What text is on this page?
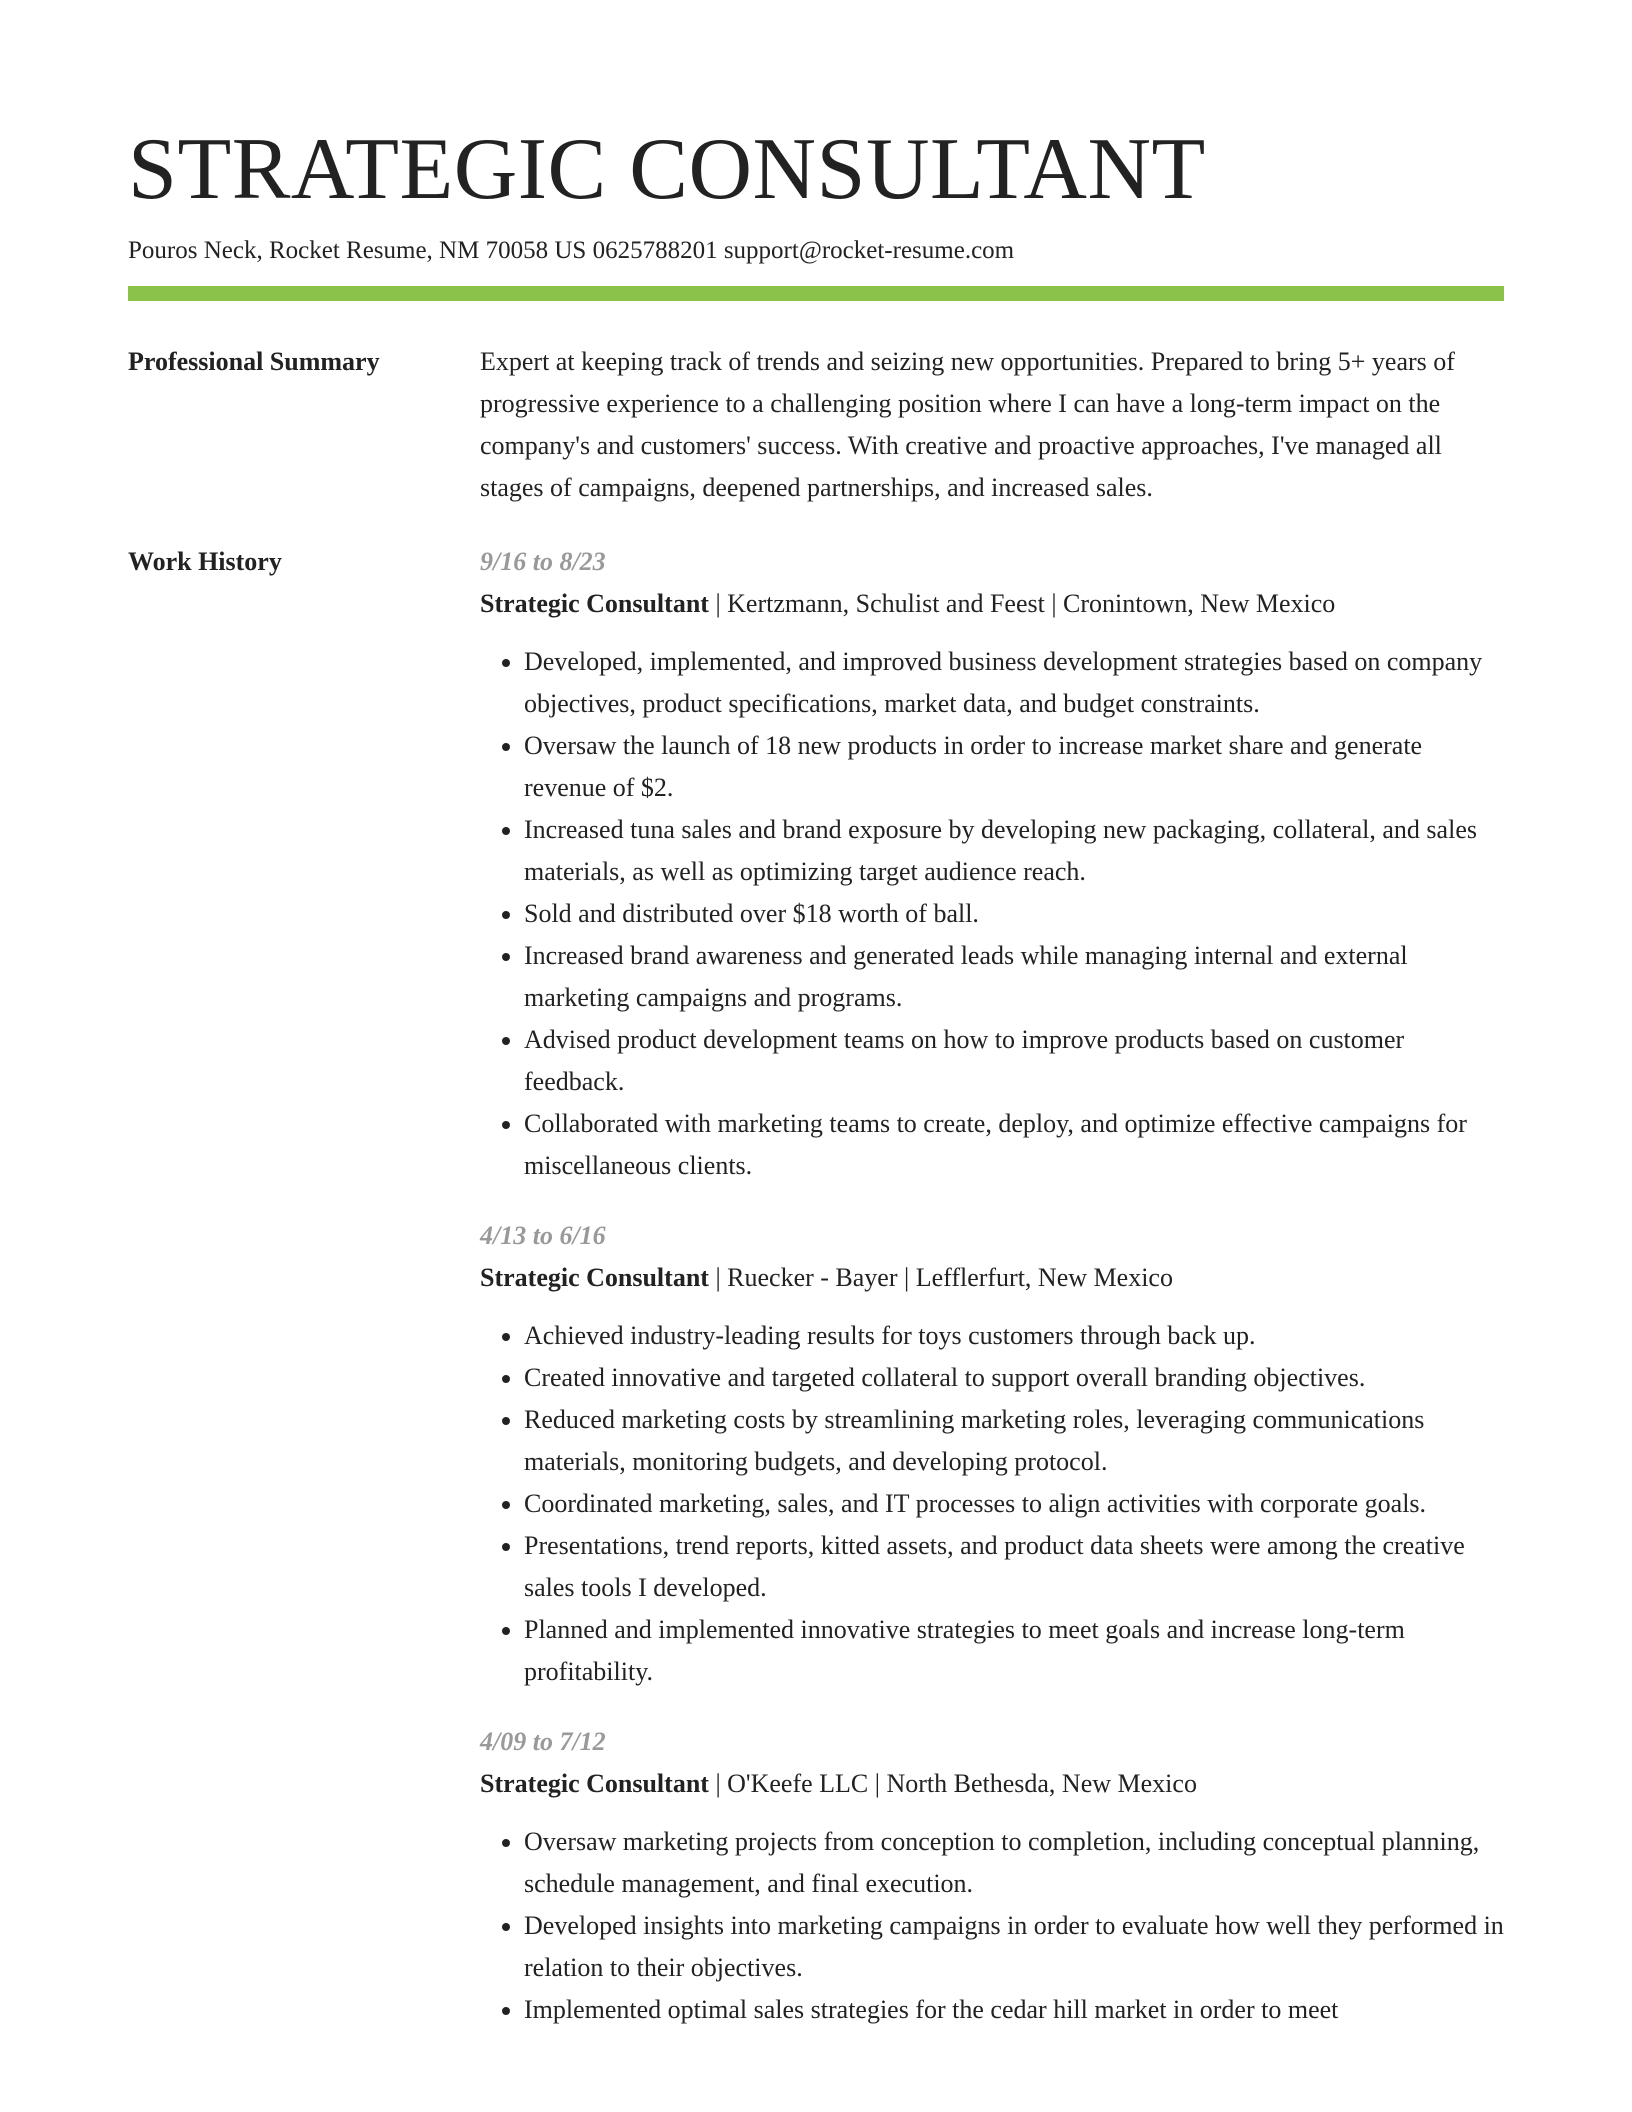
STRATEGIC CONSULTANT
Pouros Neck, Rocket Resume, NM 70058 US 0625788201 support@rocket-resume.com
Professional Summary	Expert at keeping track of trends and seizing new opportunities. Prepared to bring 5+ years of progressive experience to a challenging position where I can have a long-term impact on the company's and customers' success. With creative and proactive approaches, I've managed all stages of campaigns, deepened partnerships, and increased sales.

Work History	9/16 to 8/23
Strategic Consultant | Kertzmann, Schulist and Feest | Cronintown, New Mexico
• Developed, implemented, and improved business development strategies based on company objectives, product specifications, market data, and budget constraints.
• Oversaw the launch of 18 new products in order to increase market share and generate revenue of $2.
• Increased tuna sales and brand exposure by developing new packaging, collateral, and sales materials, as well as optimizing target audience reach.
• Sold and distributed over $18 worth of ball.
• Increased brand awareness and generated leads while managing internal and external marketing campaigns and programs.
• Advised product development teams on how to improve products based on customer feedback.
• Collaborated with marketing teams to create, deploy, and optimize effective campaigns for miscellaneous clients.
4/13 to 6/16
Strategic Consultant | Ruecker - Bayer | Lefflerfurt, New Mexico
• Achieved industry-leading results for toys customers through back up.
• Created innovative and targeted collateral to support overall branding objectives.
• Reduced marketing costs by streamlining marketing roles, leveraging communications materials, monitoring budgets, and developing protocol.
• Coordinated marketing, sales, and IT processes to align activities with corporate goals.
• Presentations, trend reports, kitted assets, and product data sheets were among the creative sales tools I developed.
• Planned and implemented innovative strategies to meet goals and increase long-term profitability.
4/09 to 7/12
Strategic Consultant | O'Keefe LLC | North Bethesda, New Mexico
• Oversaw marketing projects from conception to completion, including conceptual planning, schedule management, and final execution.
• Developed insights into marketing campaigns in order to evaluate how well they performed in relation to their objectives.
• Implemented optimal sales strategies for the cedar hill market in order to meet
